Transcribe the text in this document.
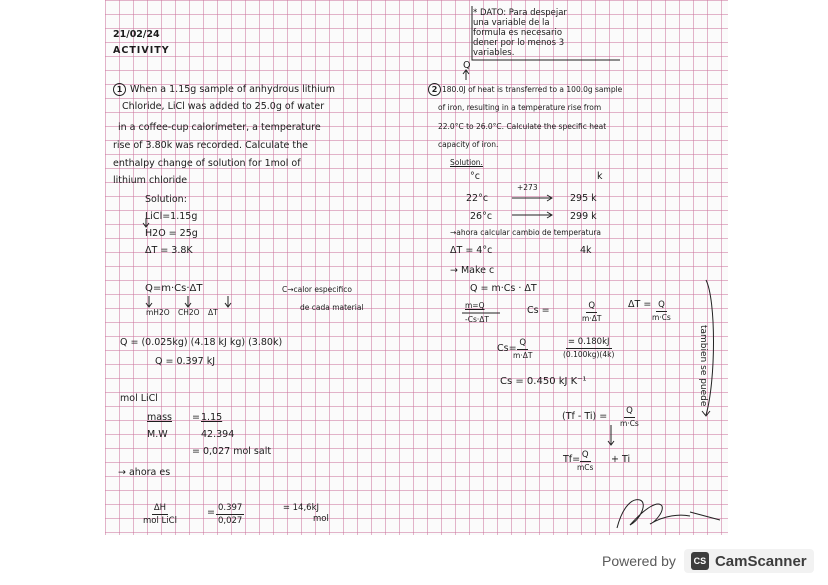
21/02/24
ACTIVITY
* DATO: Para despejar
una variable de la
formula es necesario
dener por lo menos 3
variables.
1 When a 1.15g sample of anhydrous lithium
Chloride, LiCl was added to 25.0g of water
in a coffee-cup calorimeter, a temperature
rise of 3.80k was recorded. Calculate the
enthalpy change of solution for 1mol of
lithium chloride
Solution:
LiCl=1.15g
H2O = 25g
ΔT = 3.8K
Q=m·Cs·ΔT
mH2O CH2O ΔT
C→calor especifico
de cada material
Q = (0.025kg) (4.18 kJ kg) (3.80k)
Q = 0.397 kJ
mol LiCl
mass
M.W
= 1.15
42.394
= 0,027 mol salt
→ ahora es
ΔH
mol LiCl
= $\frac{0.397}{0,027}$	= 14,6kJ
mol
Q
2 180.0J of heat is transferred to a 100.0g sample
of iron, resulting in a temperature rise from
22.0°C to 26.0°C. Calculate the specific heat
capacity of iron.
Solution.
°c	k
+273
22°c	295 k
26°c	299 k
→ahora calcular cambio de temperatura
ΔT = 4°c	4k
→ Make c
Q = m·Cs · ΔT
m=Q
-Cs·ΔT
Cs =	$\frac{Q}{m\cdot\Delta T}$	$\Delta T = \frac{Q}{m\cdot Cs}$
Cs=
$\frac{Q}{m\cdot\Delta T}$	$\frac{= 0.180kJ}{(0.100kg)(4k)}$
Cs = 0.450 kJ K⁻¹
$(Tf - Ti) = \frac{Q}{m\cdot Cs}$
Tf= Q
mCs
+ Ti
tambien se puede
Powered by	CS CamScanner
